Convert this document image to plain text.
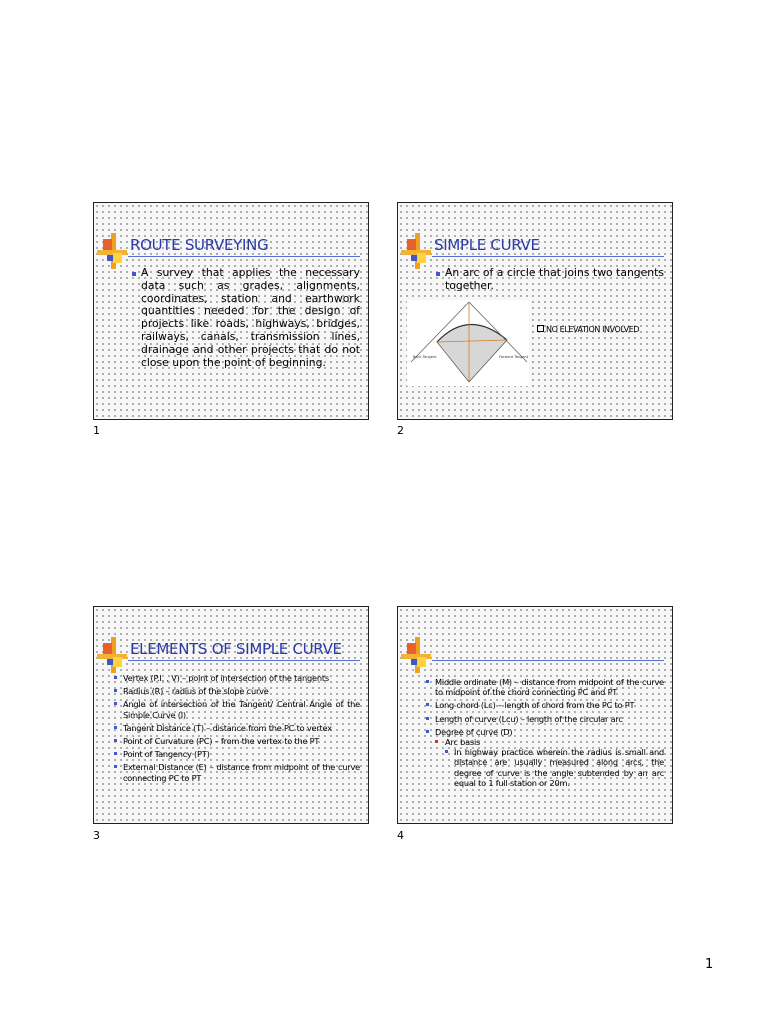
ROUTE SURVEYING
A survey that applies the necessary data such as grades, alignments, coordinates, station and earthwork quantities needed for the design of projects like roads, highways, bridges, railways, canals, transmission lines, drainage and other projects that do not close upon the point of beginning.
1
SIMPLE CURVE
An arc of a circle that joins two tangents together.
Back Tangent	Forward Tangent
NO ELEVATION INVOLVED
2
ELEMENTS OF SIMPLE CURVE
Vertex (P.I. , V) – point of intersection of the tangents
Radius (R) – radius of the slope curve
Angle of intersection of the Tangent/ Central Angle of the Simple Curve (I)
Tangent Distance (T) – distance from the PC to vertex
Point of Curvature (PC) – from the vertex to the PT
Point of Tangency (PT)
External Distance (E) – distance from midpoint of the curve connecting PC to PT
3
Middle ordinate (M) – distance from midpoint of the curve to midpoint of the chord connecting PC and PT
Long chord (Lc) – length of chord from the PC to PT
Length of curve (Lcu) – length of the circular arc
Degree of curve (D)
Arc basis
In highway practice wherein the radius is small and distance are usually measured along arcs, the degree of curve is the angle subtended by an arc equal to 1 full station or 20m.
4
1
